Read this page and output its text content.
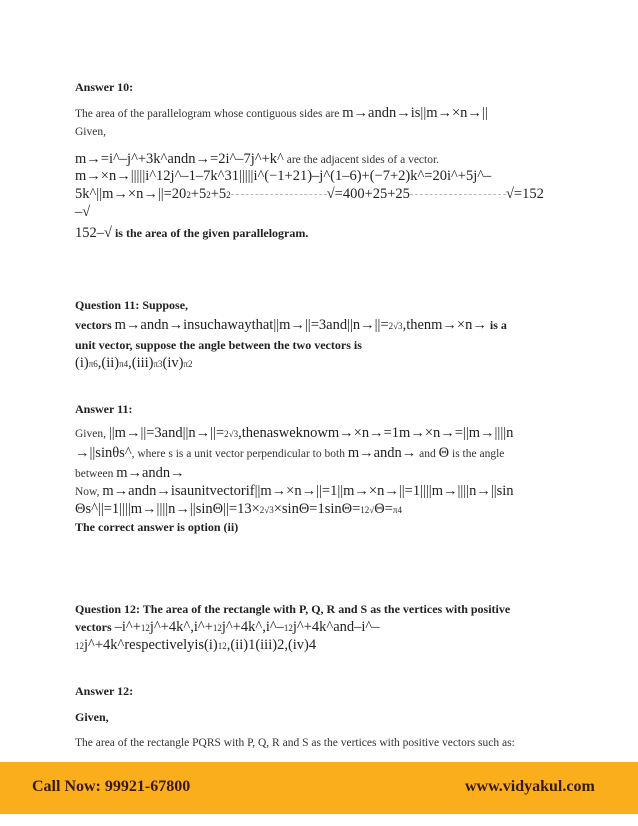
Answer 10:
The area of the parallelogram whose contiguous sides are m→andn→is||m→×n→||
Given,
m→=i^–j^+3k^andn→=2i^–7j^+k^ are the adjacent sides of a vector.
m→×n→|||||i^12j^–1–7k^31|||||i^(−1+21)–j^(1–6)+(−7+2)k^=20i^+5j^–
5k^||m→×n→||=202+52+52	√=400+25+25	√=152
–√
152–√ is the area of the given parallelogram.
Question 11: Suppose,
vectors m→andn→insuchawaythat||m→||=3and||n→||=2√3,thenm→×n→ is a
unit vector, suppose the angle between the two vectors is
(i)π6,(ii)π4,(iii)π3(iv)π2
Answer 11:
Given, ||m→||=3and||n→||=2√3,thenasweknowm→×n→=1m→×n→=||m→||||n
→||sinθs^, where s is a unit vector perpendicular to both m→andn→ and Θ is the angle
between m→andn→
Now, m→andn→isaunitvectorif||m→×n→||=1||m→×n→||=1||||m→||||n→||sin
Θs^||=1||||m→||||n→||sinΘ||=13×2√3×sinΘ=1sinΘ=12√Θ=π4
The correct answer is option (ii)
Question 12: The area of the rectangle with P, Q, R and S as the vertices with positive
vectors –i^+12j^+4k^,i^+12j^+4k^,i^–12j^+4k^and–i^–
12j^+4k^respectivelyis(i)12,(ii)1(iii)2,(iv)4
Answer 12:
Given,
The area of the rectangle PQRS with P, Q, R and S as the vertices with positive vectors such as:
Call Now: 99921-67800	www.vidyakul.com
